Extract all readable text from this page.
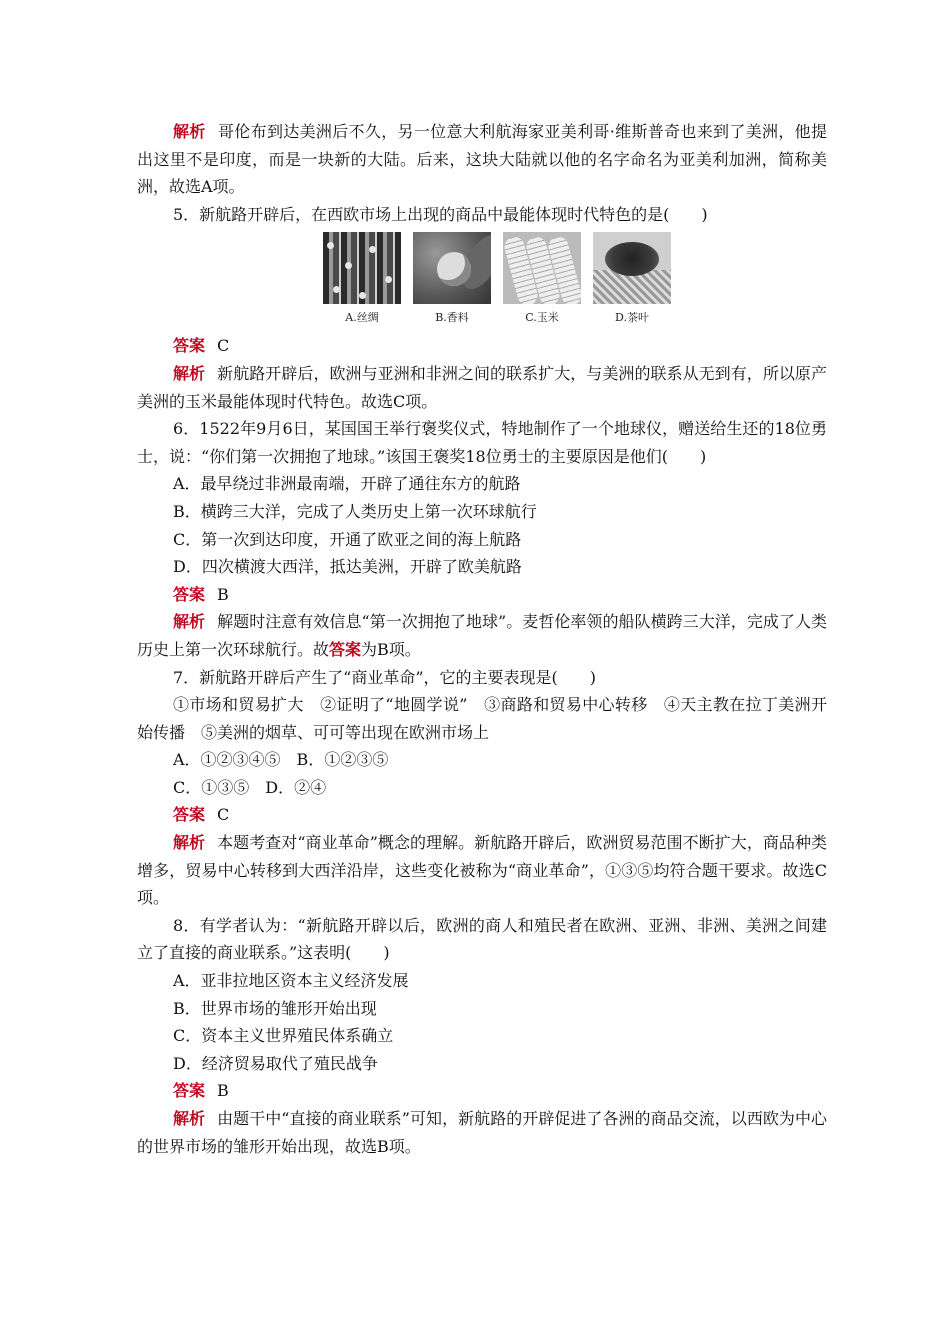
解析 哥伦布到达美洲后不久，另一位意大利航海家亚美利哥·维斯普奇也来到了美洲，他提出这里不是印度，而是一块新的大陆。后来，这块大陆就以他的名字命名为亚美利加洲，简称美洲，故选A项。

5．新航路开辟后，在西欧市场上出现的商品中最能体现时代特色的是(　　)

A.丝绸	B.香料	C.玉米	D.茶叶

答案 C

解析 新航路开辟后，欧洲与亚洲和非洲之间的联系扩大，与美洲的联系从无到有，所以原产美洲的玉米最能体现时代特色。故选C项。

6．1522年9月6日，某国国王举行褒奖仪式，特地制作了一个地球仪，赠送给生还的18位勇士，说：“你们第一次拥抱了地球。”该国王褒奖18位勇士的主要原因是他们(　　)

A．最早绕过非洲最南端，开辟了通往东方的航路

B．横跨三大洋，完成了人类历史上第一次环球航行

C．第一次到达印度，开通了欧亚之间的海上航路

D．四次横渡大西洋，抵达美洲，开辟了欧美航路

答案 B

解析 解题时注意有效信息“第一次拥抱了地球”。麦哲伦率领的船队横跨三大洋，完成了人类历史上第一次环球航行。故答案为B项。

7．新航路开辟后产生了“商业革命”，它的主要表现是(　　)

①市场和贸易扩大　②证明了“地圆学说”　③商路和贸易中心转移　④天主教在拉丁美洲开始传播　⑤美洲的烟草、可可等出现在欧洲市场上

A．①②③④⑤　B．①②③⑤

C．①③⑤　D．②④

答案 C

解析 本题考查对“商业革命”概念的理解。新航路开辟后，欧洲贸易范围不断扩大，商品种类增多，贸易中心转移到大西洋沿岸，这些变化被称为“商业革命”，①③⑤均符合题干要求。故选C项。

8．有学者认为：“新航路开辟以后，欧洲的商人和殖民者在欧洲、亚洲、非洲、美洲之间建立了直接的商业联系。”这表明(　　)

A．亚非拉地区资本主义经济发展

B．世界市场的雏形开始出现

C．资本主义世界殖民体系确立

D．经济贸易取代了殖民战争

答案 B

解析 由题干中“直接的商业联系”可知，新航路的开辟促进了各洲的商品交流，以西欧为中心的世界市场的雏形开始出现，故选B项。
